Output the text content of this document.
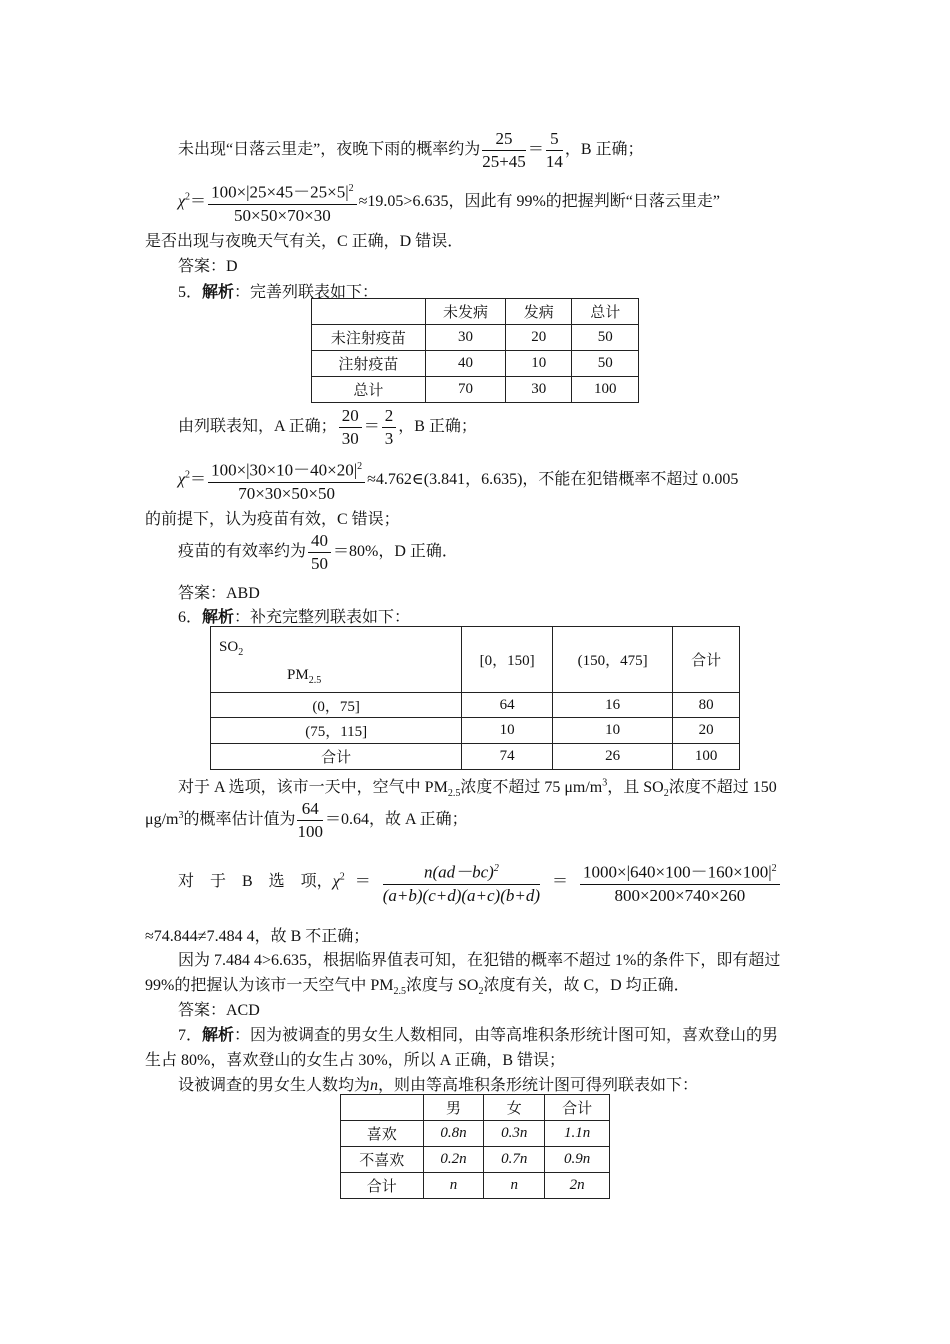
未出现“日落云里走”，夜晚下雨的概率约为 $\frac{25}{25+45} = \frac{5}{14}$ ，B 正确；
$\chi^2= \frac{100\times|25\times 45-25\times 5|^2}{50\times 50\times 70\times 30} \approx 19.05>6.635$，因此有 99%的把握判断“日落云里走”
是否出现与夜晚天气有关，C 正确，D 错误．
答案：D
5．解析：完善列联表如下：
	未发病	发病	总计
未注射疫苗	30	20	50
注射疫苗	40	10	50
总计	70	30	100
由列联表知，A 正确； $\frac{20}{30} = \frac{2}{3}$ ，B 正确；
$\chi^2= \frac{100\times|30\times 10-40\times 20|^2}{70\times 30\times 50\times 50}$ ≈4.762∈(3.841，6.635)，不能在犯错概率不超过 0.005
的前提下，认为疫苗有效，C 错误；
疫苗的有效率约为 $\frac{40}{50} =80\%$，D 正确．
答案：ABD
6．解析：补充完整列联表如下：
$SO_2$
$PM_{2.5}$	[0，150]	(150，475]	合计
(0，75]	64	16	80
(75，115]	10	10	20
合计	74	26	100
对于 A 选项，该市一天中，空气中 $PM_{2.5}$浓度不超过 75 $\mu m/m^3$，且 $SO_2$浓度不超过 150
$\mu g/m^3$的概率估计值为 $\frac{64}{100} =0.64$，故 A 正确；
对　于　B　选　项，$\chi^2 = \frac{n(ad-bc)^2}{(a+b)(c+d)(a+c)(b+d)} = \frac{1000\times|640\times 100-160\times 100|^2}{800\times 200\times 740\times 260}$
≈74.844≠7.484 4，故 B 不正确；
因为 7.484 4>6.635，根据临界值表可知，在犯错的概率不超过 1%的条件下，即有超过
99%的把握认为该市一天空气中 $PM_{2.5}$浓度与 $SO_2$浓度有关，故 C，D 均正确．
答案：ACD
7．解析：因为被调查的男女生人数相同，由等高堆积条形统计图可知，喜欢登山的男
生占 80%，喜欢登山的女生占 30%，所以 A 正确，B 错误；
设被调查的男女生人数均为n，则由等高堆积条形统计图可得列联表如下：
	男	女	合计
喜欢	0.8n	0.3n	1.1n
不喜欢	0.2n	0.7n	0.9n
合计	n	n	2n
